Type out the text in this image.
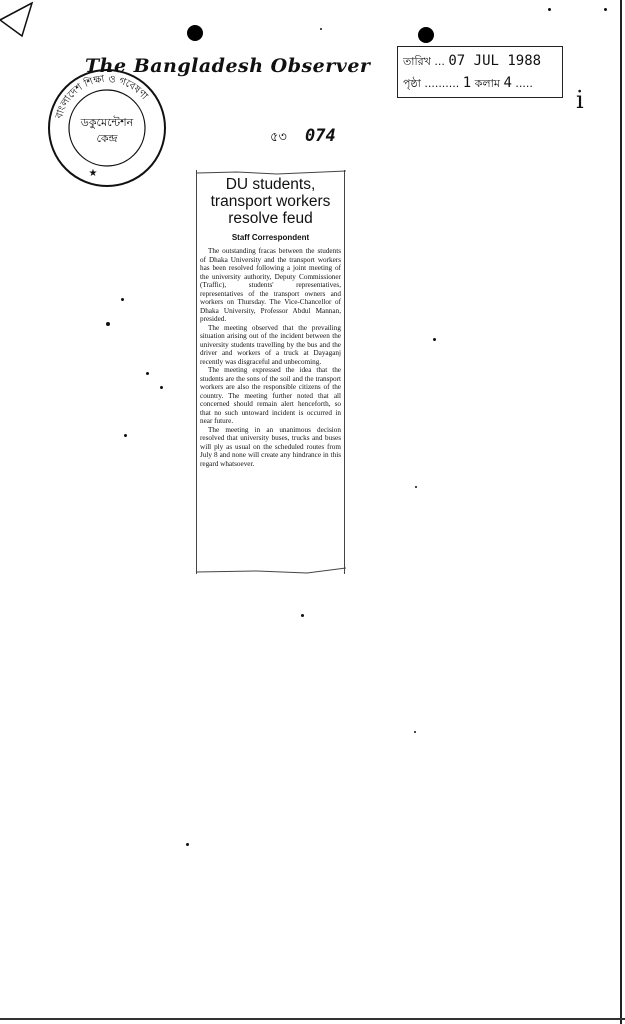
বাংলাদেশ শিক্ষা ও গবেষণা
ডকুমেন্টেশন
কেন্দ্র
★
The Bangladesh Observer	তারিখ ... 07 JUL 1988
পৃষ্ঠা .......... 1 কলাম 4 .....
i
৫৩ 074
DU students,
transport workers
resolve feud
Staff Correspondent

The outstanding fracas between the students of Dhaka University and the transport workers has been resolved following a joint meeting of the university authority, Deputy Commissioner (Traffic), students' representatives, representatives of the transport owners and workers on Thursday. The Vice-Chancellor of Dhaka University, Professor Abdul Mannan, presided.

The meeting observed that the prevailing situation arising out of the incident between the university students travelling by the bus and the driver and workers of a truck at Dayaganj recently was disgraceful and unbecoming.

The meeting expressed the idea that the students are the sons of the soil and the transport workers are also the responsible citizens of the country. The meeting further noted that all concerned should remain alert henceforth, so that no such untoward incident is occurred in near future.

The meeting in an unanimous decision resolved that university buses, trucks and buses will ply as usual on the scheduled routes from July 8 and none will create any hindrance in this regard whatsoever.
